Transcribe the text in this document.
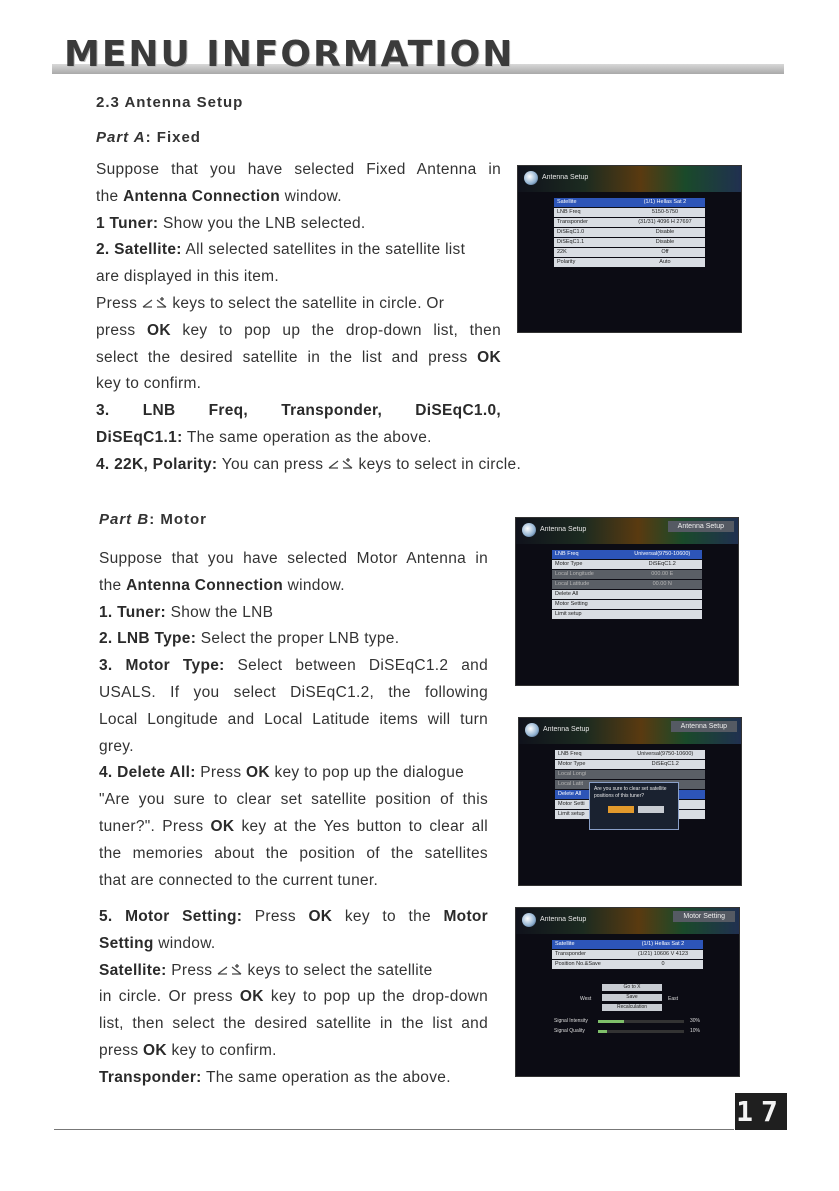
MENU INFORMATION
2.3 Antenna Setup
Part A: Fixed
Suppose that you have selected Fixed Antenna in
the Antenna Connection window.
1 Tuner: Show you the LNB selected.
2. Satellite: All selected satellites in the satellite list
are displayed in this item.
Press
keys to select the satellite in circle. Or
press OK key to pop up the drop-down list, then
select the desired satellite in the list and press OK
key to confirm.
3. LNB Freq, Transponder, DiSEqC1.0,
DiSEqC1.1: The same operation as the above.
4. 22K, Polarity: You can press
keys to select in circle.
Antenna Setup
Satellite	(1/1) Hellas Sat 2
LNB Freq	5150-5750
Transponder	(31/31) 4096 H 27697
DiSEqC1.0	Disable
DiSEqC1.1	Disable
22K	Off
Polarity	Auto
Part B: Motor
Suppose that you have selected Motor Antenna in
the Antenna Connection window.
1. Tuner: Show the LNB
2. LNB Type: Select the proper LNB type.
3. Motor Type: Select between DiSEqC1.2 and
USALS. If you select DiSEqC1.2, the following
Local Longitude and Local Latitude items will turn
grey.
4. Delete All: Press OK key to pop up the dialogue
"Are you sure to clear set satellite position of this
tuner?". Press OK key at the Yes button to clear all
the memories about the position of the satellites
that are connected to the current tuner.
Antenna Setup	Antenna Setup
LNB Freq	Universal(9750-10600)
Motor Type	DiSEqC1.2
Local Longitude	000.00 E
Local Latitude	00.00 N
Delete All
Motor Setting
Limit setup
Antenna Setup	Antenna Setup
LNB Freq	Universal(9750-10600)
Motor Type	DiSEqC1.2
Local Longi
Local Latit
Delete All
Motor Setti
Limit setup
Are you sure to clear set satellite positions of this tuner?
5. Motor Setting: Press OK key to the Motor
Setting window.
Satellite: Press
keys to select the satellite
in circle. Or press OK key to pop up the drop-down
list, then select the desired satellite in the list and
press OK key to confirm.
Transponder: The same operation as the above.
Antenna Setup	Motor Setting
Satellite	(1/1) Hellas Sat 2
Transponder	(1/21) 10606 V 4123
Position No.&Save	0
Go to X
Save
Recalculation
West	East
Signal Intensity	30%
Signal Quality	10%
17
